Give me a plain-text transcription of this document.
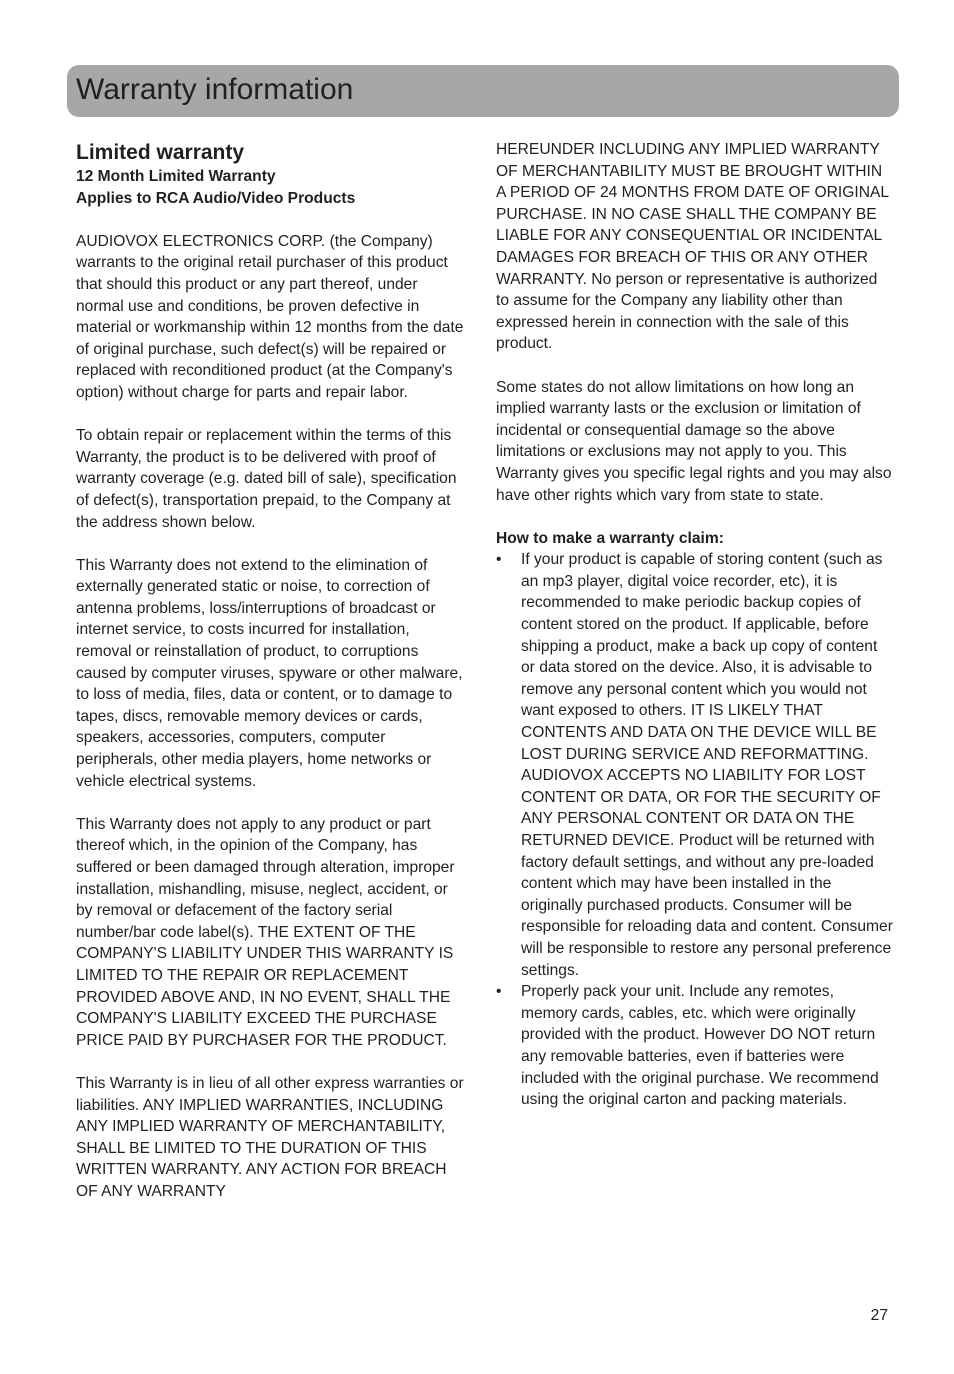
Warranty information
Limited warranty
12 Month Limited Warranty
Applies to RCA Audio/Video Products

AUDIOVOX ELECTRONICS CORP. (the Company) warrants to the original retail purchaser of this product that should this product or any part thereof, under normal use and conditions, be proven defective in material or workmanship within 12 months from the date of original purchase, such defect(s) will be repaired or replaced with reconditioned product (at the Company's option) without charge for parts and repair labor.

To obtain repair or replacement within the terms of this Warranty, the product is to be delivered with proof of warranty coverage (e.g. dated bill of sale), specification of defect(s), transportation prepaid, to the Company at the address shown below.

This Warranty does not extend to the elimination of externally generated static or noise, to correction of antenna problems, loss/interruptions of broadcast or internet service, to costs incurred for installation, removal or reinstallation of product, to corruptions caused by computer viruses, spyware or other malware, to loss of media, files, data or content, or to damage to tapes, discs, removable memory devices or cards, speakers, accessories, computers, computer peripherals, other media players, home networks or vehicle electrical systems.

This Warranty does not apply to any product or part thereof which, in the opinion of the Company, has suffered or been damaged through alteration, improper installation, mishandling, misuse, neglect, accident, or by removal or defacement of the factory serial number/bar code label(s). THE EXTENT OF THE COMPANY'S LIABILITY UNDER THIS WARRANTY IS LIMITED TO THE REPAIR OR REPLACEMENT PROVIDED ABOVE AND, IN NO EVENT, SHALL THE COMPANY'S LIABILITY EXCEED THE PURCHASE PRICE PAID BY PURCHASER FOR THE PRODUCT.

This Warranty is in lieu of all other express warranties or liabilities. ANY IMPLIED WARRANTIES, INCLUDING ANY IMPLIED WARRANTY OF MERCHANTABILITY, SHALL BE LIMITED TO THE DURATION OF THIS WRITTEN WARRANTY. ANY ACTION FOR BREACH OF ANY WARRANTY

HEREUNDER INCLUDING ANY IMPLIED WARRANTY OF MERCHANTABILITY MUST BE BROUGHT WITHIN A PERIOD OF 24 MONTHS FROM DATE OF ORIGINAL PURCHASE. IN NO CASE SHALL THE COMPANY BE LIABLE FOR ANY CONSEQUENTIAL OR INCIDENTAL DAMAGES FOR BREACH OF THIS OR ANY OTHER WARRANTY. No person or representative is authorized to assume for the Company any liability other than expressed herein in connection with the sale of this product.

Some states do not allow limitations on how long an implied warranty lasts or the exclusion or limitation of incidental or consequential damage so the above limitations or exclusions may not apply to you. This Warranty gives you specific legal rights and you may also have other rights which vary from state to state.

How to make a warranty claim:
• If your product is capable of storing content (such as an mp3 player, digital voice recorder, etc), it is recommended to make periodic backup copies of content stored on the product. If applicable, before shipping a product, make a back up copy of content or data stored on the device. Also, it is advisable to remove any personal content which you would not want exposed to others. IT IS LIKELY THAT CONTENTS AND DATA ON THE DEVICE WILL BE LOST DURING SERVICE AND REFORMATTING. AUDIOVOX ACCEPTS NO LIABILITY FOR LOST CONTENT OR DATA, OR FOR THE SECURITY OF ANY PERSONAL CONTENT OR DATA ON THE RETURNED DEVICE. Product will be returned with factory default settings, and without any pre-loaded content which may have been installed in the originally purchased products. Consumer will be responsible for reloading data and content. Consumer will be responsible to restore any personal preference settings.
• Properly pack your unit. Include any remotes, memory cards, cables, etc. which were originally provided with the product. However DO NOT return any removable batteries, even if batteries were included with the original purchase. We recommend using the original carton and packing materials.
27
